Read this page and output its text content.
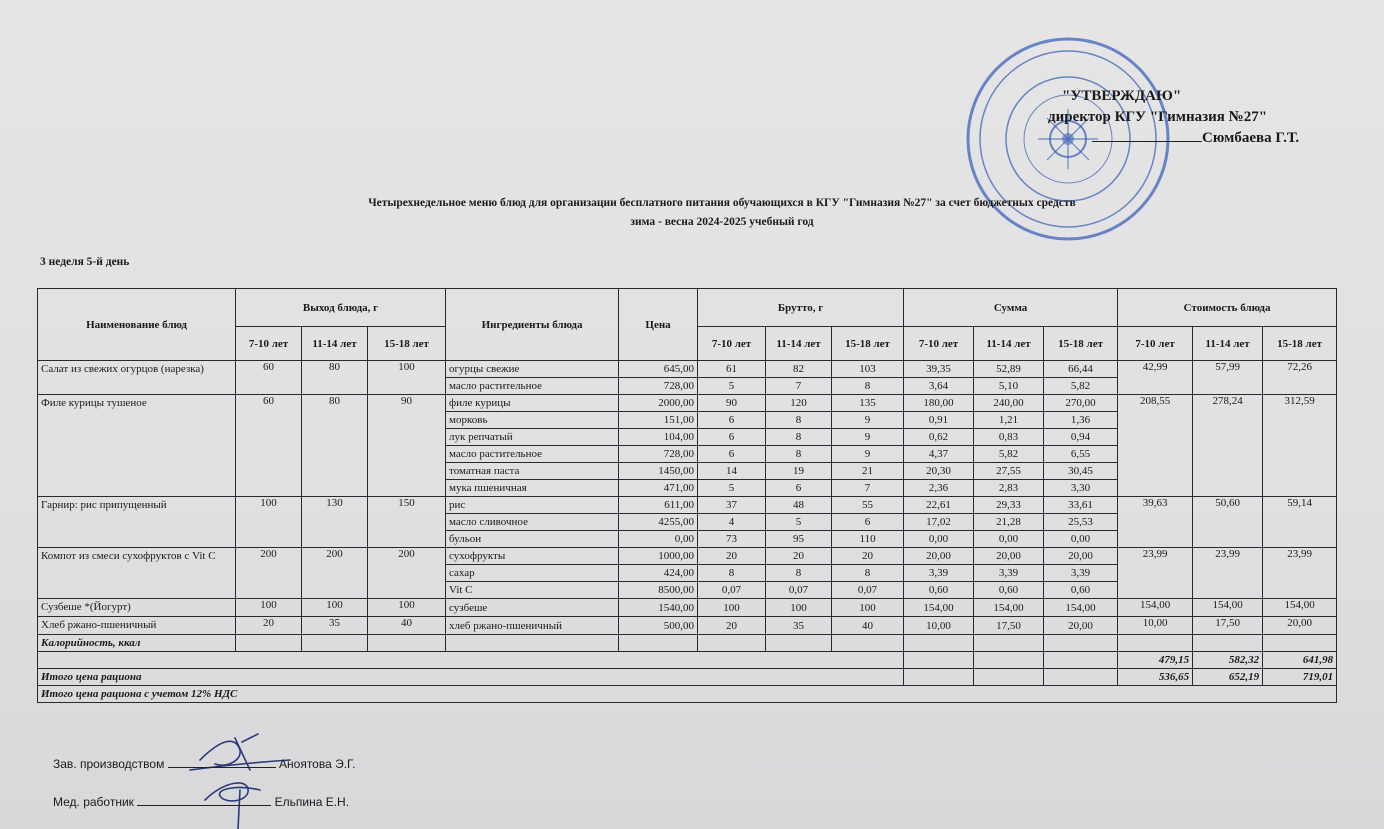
"УТВЕРЖДАЮ"
директор КГУ "Гимназия №27"
Сюмбаева Г.Т.
Четырехнедельное меню блюд для организации бесплатного питания обучающихся в КГУ "Гимназия №27" за счет бюджетных средств
зима - весна 2024-2025 учебный год
3 неделя 5-й день
Наименование блюд	Выход блюда, г			Ингредиенты блюда	Цена	Брутто, г			Сумма			Стоимость блюда		
	7-10 лет	11-14 лет	15-18 лет			7-10 лет	11-14 лет	15-18 лет	7-10 лет	11-14 лет	15-18 лет	7-10 лет	11-14 лет	15-18 лет
Салат из свежих огурцов (нарезка)	60	80	100	огурцы свежие	645,00	61	82	103	39,35	52,89	66,44	42,99	57,99	72,26
				масло растительное	728,00	5	7	8	3,64	5,10	5,82			
Филе курицы тушеное	60	80	90	филе курицы	2000,00	90	120	135	180,00	240,00	270,00	208,55	278,24	312,59
				морковь	151,00	6	8	9	0,91	1,21	1,36			
				лук репчатый	104,00	6	8	9	0,62	0,83	0,94			
				масло растительное	728,00	6	8	9	4,37	5,82	6,55			
				томатная паста	1450,00	14	19	21	20,30	27,55	30,45			
				мука пшеничная	471,00	5	6	7	2,36	2,83	3,30			
Гарнир: рис припущенный	100	130	150	рис	611,00	37	48	55	22,61	29,33	33,61	39,63	50,60	59,14
				масло сливочное	4255,00	4	5	6	17,02	21,28	25,53			
				бульон	0,00	73	95	110	0,00	0,00	0,00			
Компот из смеси сухофруктов с Vit C	200	200	200	сухофрукты	1000,00	20	20	20	20,00	20,00	20,00	23,99	23,99	23,99
				сахар	424,00	8	8	8	3,39	3,39	3,39			
				Vit C	8500,00	0,07	0,07	0,07	0,60	0,60	0,60			
Сузбеше *(Йогурт)	100	100	100	сузбеше	1540,00	100	100	100	154,00	154,00	154,00	154,00	154,00	154,00
Хлеб ржано-пшеничный	20	35	40	хлеб ржано-пшеничный	500,00	20	35	40	10,00	17,50	20,00	10,00	17,50	20,00
Калорийность, ккал														
												479,15	582,32	641,98
Итого цена рациона												536,65	652,19	719,01
Итого цена рациона с учетом 12% НДС														
Зав. производством	Аноятова Э.Г.
Мед. работник	Ельпина Е.Н.
